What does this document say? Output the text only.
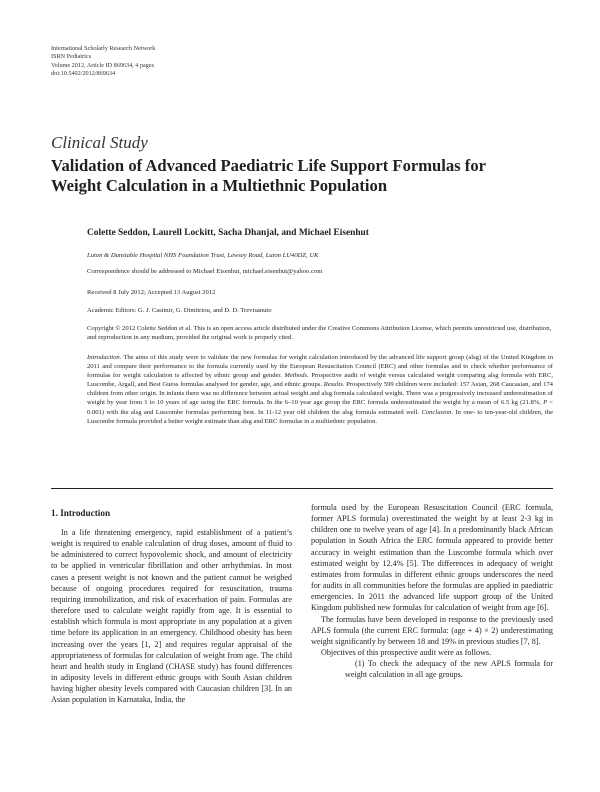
International Scholarly Research Network
ISRN Pediatrics
Volume 2012, Article ID 869634, 4 pages
doi:10.5402/2012/869634
Clinical Study
Validation of Advanced Paediatric Life Support Formulas for Weight Calculation in a Multiethnic Population
Colette Seddon, Laurell Lockitt, Sacha Dhanjal, and Michael Eisenhut
Luton & Dunstable Hospital NHS Foundation Trust, Lewsey Road, Luton LU40DZ, UK
Correspondence should be addressed to Michael Eisenhut, michael.eisenhut@yahoo.com
Received 8 July 2012; Accepted 13 August 2012
Academic Editors: G. J. Casimir, G. Dimitriou, and D. D. Trevisanuto
Copyright © 2012 Colette Seddon et al. This is an open access article distributed under the Creative Commons Attribution License, which permits unrestricted use, distribution, and reproduction in any medium, provided the original work is properly cited.
Introduction. The aims of this study were to validate the new formulas for weight calculation introduced by the advanced life support group (alsg) of the United Kingdom in 2011 and compare their performance to the formula currently used by the European Resuscitation Council (ERC) and other formulas and to check whether performance of formulas for weight calculation is affected by ethnic group and gender. Methods. Prospective audit of weight versus calculated weight comparing alsg formula with ERC, Luscombe, Argall, and Best Guess formulas analysed for gender, age, and ethnic groups. Results. Prospectively 599 children were included: 157 Asian, 268 Caucasian, and 174 children from other origin. In infants there was no difference between actual weight and alsg formula calculated weight. There was a progressively increased underestimation of weight by year from 1 to 10 years of age using the ERC formula. In the 6–10 year age group the ERC formula underestimated the weight by a mean of 6.5 kg (21.8%, P < 0.001) with the alsg and Luscombe formulas performing best. In 11-12 year old children the alsg formula estimated well. Conclusion. In one- to ten-year-old children, the Luscombe formula provided a better weight estimate than alsg and ERC formulas in a multiethnic population.
1. Introduction

In a life threatening emergency, rapid establishment of a patient’s weight is required to enable calculation of drug doses, amount of fluid to be administered to correct hypovolemic shock, and amount of electricity to be applied in ventricular fibrillation and other arrhythmias. In most cases a present weight is not known and the patient cannot be weighed because of ongoing procedures required for resuscitation, trauma requiring immobilization, and risk of exacerbation of pain. Formulas are therefore used to calculate weight rapidly from age. It is essential to establish which formula is most appropriate in any population at a given time before its application in an emergency. Childhood obesity has been increasing over the years [1, 2] and requires regular appraisal of the appropriateness of formulas for calculation of weight from age. The child heart and health study in England (CHASE study) has found differences in adiposity levels in different ethnic groups with South Asian children having higher obesity levels compared with Caucasian children [3]. In an Asian population in Karnataka, India, the

formula used by the European Resuscitation Council (ERC formula, former APLS formula) overestimated the weight by at least 2-3 kg in children one to twelve years of age [4]. In a predominantly black African population in South Africa the ERC formula appeared to provide better accuracy in weight estimation than the Luscombe formula which over estimated weight by 12.4% [5]. The differences in adequacy of weight estimates from formulas in different ethnic groups underscores the need for audits in all communities before the formulas are applied in paediatric emergencies. In 2011 the advanced life support group of the United Kingdom published new formulas for calculation of weight from age [6].

The formulas have been developed in response to the previously used APLS formula (the current ERC formula: (age + 4) × 2) underestimating weight significantly by between 18 and 19% in previous studies [7, 8].

Objectives of this prospective audit were as follows.

(1) To check the adequacy of the new APLS formula for weight calculation in all age groups.
